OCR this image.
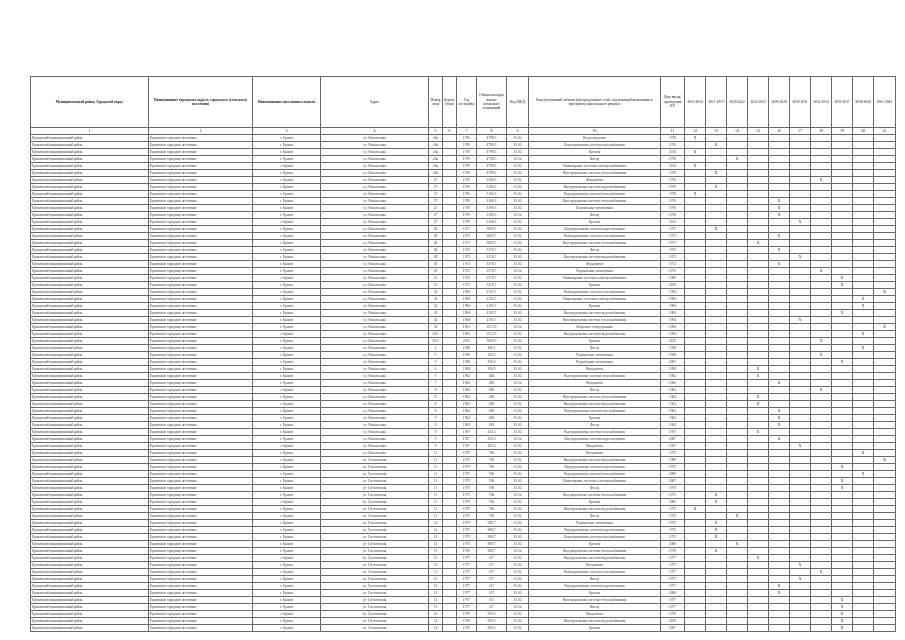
Муниципальный район, Городской округ	Наименование городского округа, городского (сельского) поселения	Наименование населенного пункта	Адрес	Номер дома	Корпус (блок)	Год постройки	Общая площадь жилых (нежилых) помещений	Код МКД	Конструктивный элемент (внутридомовые сети), подлежащий включению в программу капитального ремонта	Дата ввода/ проведения КР	2014 2016	2017 2019	2020 2022	2023 2025	2026 2028	2029 2031	2032 2034	2035 2037	2038 2040	2041 2043
1	2	3	4	5	6	7	8	9	10	11	12	13	14	15	16	17	18	19	20	21
Ершовский муниципальный район	Ершовское городское поселение	г. Ершов	ул. Вокзальная	26а		1976	4798,3	33.02	Водоотведение	1976	X									
Ершовский муниципальный район	Ершовское городское поселение	г. Ершов	ул. Вокзальная	26а		1976	4798,3	33.02	Внутридомовая система газоснабжения	1976		X								
Ершовский муниципальный район	Ершовское городское поселение	г. Ершов	ул. Вокзальная	26а		1976	4798,3	33.02	Кровля	2014	X									
Ершовский муниципальный район	Ершовское городское поселение	г. Ершов	ул. Вокзальная	26а		1976	4798,3	33.02	Фасад	1976			X							
Ершовский муниципальный район	Ершовское городское поселение	г. Ершов	ул. Вокзальная	26а		1976	4798,3	33.02	Инженерные системы электроснабжения	2014	X									
Ершовский муниципальный район	Ершовское городское поселение	г. Ершов	ул. Вокзальная	26а		1976	4798,3	33.02	Внутридомовая система теплоснабжения	1976		X								
Ершовский муниципальный район	Ершовское городское поселение	г. Ершов	ул. Вокзальная	27		1976	3106,3	33.02	Фундамент	1976							X			
Ершовский муниципальный район	Ершовское городское поселение	г. Ершов	ул. Вокзальная	27		1976	3106,3	33.02	Внутридомовая система водоснабжения	1976		X								
Ершовский муниципальный район	Ершовское городское поселение	г. Ершов	ул. Вокзальная	27		1976	3106,3	33.02	Внутридомовая система газоснабжения	1976	X									
Ершовский муниципальный район	Ершовское городское поселение	г. Ершов	ул. Вокзальная	27		1976	3106,3	33.02	Внутридомовая система теплоснабжения	1976					X					
Ершовский муниципальный район	Ершовское городское поселение	г. Ершов	ул. Вокзальная	27		1976	3106,3	33.02	Подвальные помещения	1976					X					
Ершовский муниципальный район	Ершовское городское поселение	г. Ершов	ул. Вокзальная	27		1976	3106,3	33.02	Фасад	1976					X					
Ершовский муниципальный район	Ершовское городское поселение	г. Ершов	ул. Вокзальная	27		1976	3106,3	33.02	Кровля	2012						X				
Ершовский муниципальный район	Ершовское городское поселение	г. Ершов	ул. Вокзальная	28		1971	3856,7	33.02	Внутридомовая система водоотведения	1971		X								
Ершовский муниципальный район	Ершовское городское поселение	г. Ершов	ул. Вокзальная	28		1971	3856,7	33.02	Внутридомовая система газоснабжения	1971					X					
Ершовский муниципальный район	Ершовское городское поселение	г. Ершов	ул. Вокзальная	28		1971	3856,7	33.02	Внутридомовая система теплоснабжения	1971				X						
Ершовский муниципальный район	Ершовское городское поселение	г. Ершов	ул. Вокзальная	28		1972	3376,7	33.02	Фасад	1972					X					
Ершовский муниципальный район	Ершовское городское поселение	г. Ершов	ул. Вокзальная	29		1972	3376,7	33.02	Внутридомовая система водоснабжения	1972						X				
Ершовский муниципальный район	Ершовское городское поселение	г. Ершов	ул. Вокзальная	29		1972	3376,7	33.02	Фундамент	1972					X					
Ершовский муниципальный район	Ершовское городское поселение	г. Ершов	ул. Вокзальная	29		1972	3376,7	33.02	Подвальные помещения	1972							X			
Ершовский муниципальный район	Ершовское городское поселение	г. Ершов	ул. Вокзальная	31		1972	3376,7	33.02	Инженерные системы электроснабжения	1980								X		
Ершовский муниципальный район	Ершовское городское поселение	г. Ершов	ул. Вокзальная	31		1972	3376,7	33.02	Кровля	2010								X		
Ершовский муниципальный район	Ершовское городское поселение	г. Ершов	ул. Вокзальная	32		1994	2105,7	33.02	Внутридомовая система газоснабжения	1994										X
Ершовский муниципальный район	Ершовское городское поселение	г. Ершов	ул. Вокзальная	32		1994	2105,7	33.02	Инженерные системы электроснабжения	1994									X	
Ершовский муниципальный район	Ершовское городское поселение	г. Ершов	ул. Вокзальная	32		1994	2105,7	33.02	Кровля	1994									X	
Ершовский муниципальный район	Ершовское городское поселение	г. Ершов	ул. Вокзальная	32		1994	2105,7	33.02	Внутридомовая система водоснабжения	1994								X		
Ершовский муниципальный район	Ершовское городское поселение	г. Ершов	ул. Вокзальная	32		1994	2105,7	33.02	Внутридомовая система теплоснабжения	1994						X				
Ершовский муниципальный район	Ершовское городское поселение	г. Ершов	ул. Вокзальная	34		1961	1072,9	33.02	Лифтовое оборудование	1994										X
Ершовский муниципальный район	Ершовское городское поселение	г. Ершов	ул. Вокзальная	34/1		1961	1072,9	33.02	Внутридомовая система водоснабжения	1994									X	
Ершовский муниципальный район	Ершовское городское поселение	г. Ершов	ул. Вокзальная	36/3		2012	5003,9	33.02	Кровля	2012							X			
Ершовский муниципальный район	Ершовское городское поселение	г. Ершов	ул. Вокзальная	4		1958	456,1	33.02	Фасад	1958									X	
Ершовский муниципальный район	Ершовское городское поселение	г. Ершов	ул. Вокзальная	5		1958	356,5	33.02	Подвальные помещения	1958							X			
Ершовский муниципальный район	Ершовское городское поселение	г. Ершов	ул. Вокзальная	5		1958	356,5	33.02	Подвальные помещения	2007								X		
Ершовский муниципальный район	Ершовское городское поселение	г. Ершов	ул. Вокзальная	6		1958	356,5	33.02	Фундамент	1958				X						
Ершовский муниципальный район	Ершовское городское поселение	г. Ершов	ул. Вокзальная	7		1962	482	33.02	Внутридомовая система газоснабжения	1962				X						
Ершовский муниципальный район	Ершовское городское поселение	г. Ершов	ул. Вокзальная	7		1962	482	33.02	Фундамент	1962					X					
Ершовский муниципальный район	Ершовское городское поселение	г. Ершов	ул. Вокзальная	8		1962	483	33.02	Фасад	1962							X			
Ершовский муниципальный район	Ершовское городское поселение	г. Ершов	ул. Вокзальная	8		1962	483	33.02	Внутридомовая система теплоснабжения	1962				X						
Ершовский муниципальный район	Ершовское городское поселение	г. Ершов	ул. Вокзальная	8		1962	483	33.02	Внутридомовая система водоснабжения	1962				X						
Ершовский муниципальный район	Ершовское городское поселение	г. Ершов	ул. Вокзальная	8		1962	483	33.02	Внутридомовая система газоснабжения	1962					X					
Ершовский муниципальный район	Ершовское городское поселение	г. Ершов	ул. Вокзальная	9		1962	483	33.02	Кровля	1962					X					
Ершовский муниципальный район	Ершовское городское поселение	г. Ершов	ул. Вокзальная	9		1962	483	33.02	Фасад	1962					X					
Ершовский муниципальный район	Ершовское городское поселение	г. Ершов	ул. Вокзальная	9		1957	453,3	33.02	Внутридомовая система газоснабжения	1957				X						
Ершовский муниципальный район	Ершовское городское поселение	г. Ершов	ул. Вокзальная	9		1957	453,3	33.02	Внутридомовая система водоотведения	2007					X					
Ершовский муниципальный район	Ершовское городское поселение	г. Ершов	ул. Вокзальная	9		1957	453,3	33.02	Фундамент	1957						X				
Ершовский муниципальный район	Ершовское городское поселение	г. Ершов	ул. Вокзальная	11		1975	766	33.02	Фундамент	1975									X	
Ершовский муниципальный район	Ершовское городское поселение	г. Ершов	ул. Гоголевская	11		1975	766	33.02	Внутридомовая система водоснабжения	1989										X
Ершовский муниципальный район	Ершовское городское поселение	г. Ершов	ул. Гоголевская	11		1975	766	33.02	Внутридомовая система водоотведения	1975								X		
Ершовский муниципальный район	Ершовское городское поселение	г. Ершов	ул. Гоголевская	11		1975	766	33.02	Внутридомовая система газоснабжения	2009									X	
Ершовский муниципальный район	Ершовское городское поселение	г. Ершов	ул. Гоголевская	11		1975	766	33.02	Инженерные системы электроснабжения	2007								X		
Ершовский муниципальный район	Ершовское городское поселение	г. Ершов	ул. Гоголевская	11		1975	766	33.02	Фасад	1975								X		
Ершовский муниципальный район	Ершовское городское поселение	г. Ершов	ул. Гоголевская	11		1975	766	33.02	Внутридомовая система теплоснабжения	1975		X								
Ершовский муниципальный район	Ершовское городское поселение	г. Ершов	ул. Гоголевская	11		1975	766	33.02	Кровля	2006		X								
Ершовский муниципальный район	Ершовское городское поселение	г. Ершов	ул. Гоголевская	11		1975	766	33.02	Внутридомовая система водоснабжения	1975	X									
Ершовский муниципальный район	Ершовское городское поселение	г. Ершов	ул. Гоголевская	11		1975	766	33.02	Фасад	1975			X							
Ершовский муниципальный район	Ершовское городское поселение	г. Ершов	ул. Гоголевская	12		1975	588,7	33.02	Подвальные помещения	1975		X								
Ершовский муниципальный район	Ершовское городское поселение	г. Ершов	ул. Гоголевская	12		1975	588,7	33.02	Внутридомовая система водоотведения	1975		X								
Ершовский муниципальный район	Ершовское городское поселение	г. Ершов	ул. Гоголевская	12		1975	588,7	33.02	Внутридомовая система газоснабжения	1975		X								
Ершовский муниципальный район	Ершовское городское поселение	г. Ершов	ул. Гоголевская	12		1975	588,7	33.02	Кровля	2006			X							
Ершовский муниципальный район	Ершовское городское поселение	г. Ершов	ул. Гоголевская	13		1976	588,7	33.02	Внутридомовая система теплоснабжения	1976		X								
Ершовский муниципальный район	Ершовское городское поселение	г. Ершов	ул. Гоголевская	13		1977	317	33.02	Внутридомовая система водоснабжения	1977				X						
Ершовский муниципальный район	Ершовское городское поселение	г. Ершов	ул. Гоголевская	13		1977	317	33.02	Фундамент	1977						X				
Ершовский муниципальный район	Ершовское городское поселение	г. Ершов	ул. Гоголевская	13		1977	317	33.02	Внутридомовая система газоснабжения	1977							X			
Ершовский муниципальный район	Ершовское городское поселение	г. Ершов	ул. Гоголевская	13		1977	317	33.02	Фасад	1977						X				
Ершовский муниципальный район	Ершовское городское поселение	г. Ершов	ул. Гоголевская	13		1977	317	33.02	Внутридомовая система водоотведения	1977					X					
Ершовский муниципальный район	Ершовское городское поселение	г. Ершов	ул. Гоголевская	13		1977	317	33.02	Кровля	2006					X					
Ершовский муниципальный район	Ершовское городское поселение	г. Ершов	ул. Гоголевская	13		1977	317	33.02	Внутридомовая система теплоснабжения	1977								X		
Ершовский муниципальный район	Ершовское городское поселение	г. Ершов	ул. Гоголевская	13		1977	317	33.02	Фасад	1977								X		
Ершовский муниципальный район	Ершовское городское поселение	г. Ершов	ул. Гоголевская	14		1976	594,5	33.02	Фундамент	1976								X		
Ершовский муниципальный район	Ершовское городское поселение	г. Ершов	ул. Гоголевская	14		1976	594,5	33.02	Внутридомовая система водоснабжения	2010								X		
Ершовский муниципальный район	Ершовское городское поселение	г. Ершов	ул. Гоголевская	14		1976	594,5	33.02	Кровля	2007								X		
